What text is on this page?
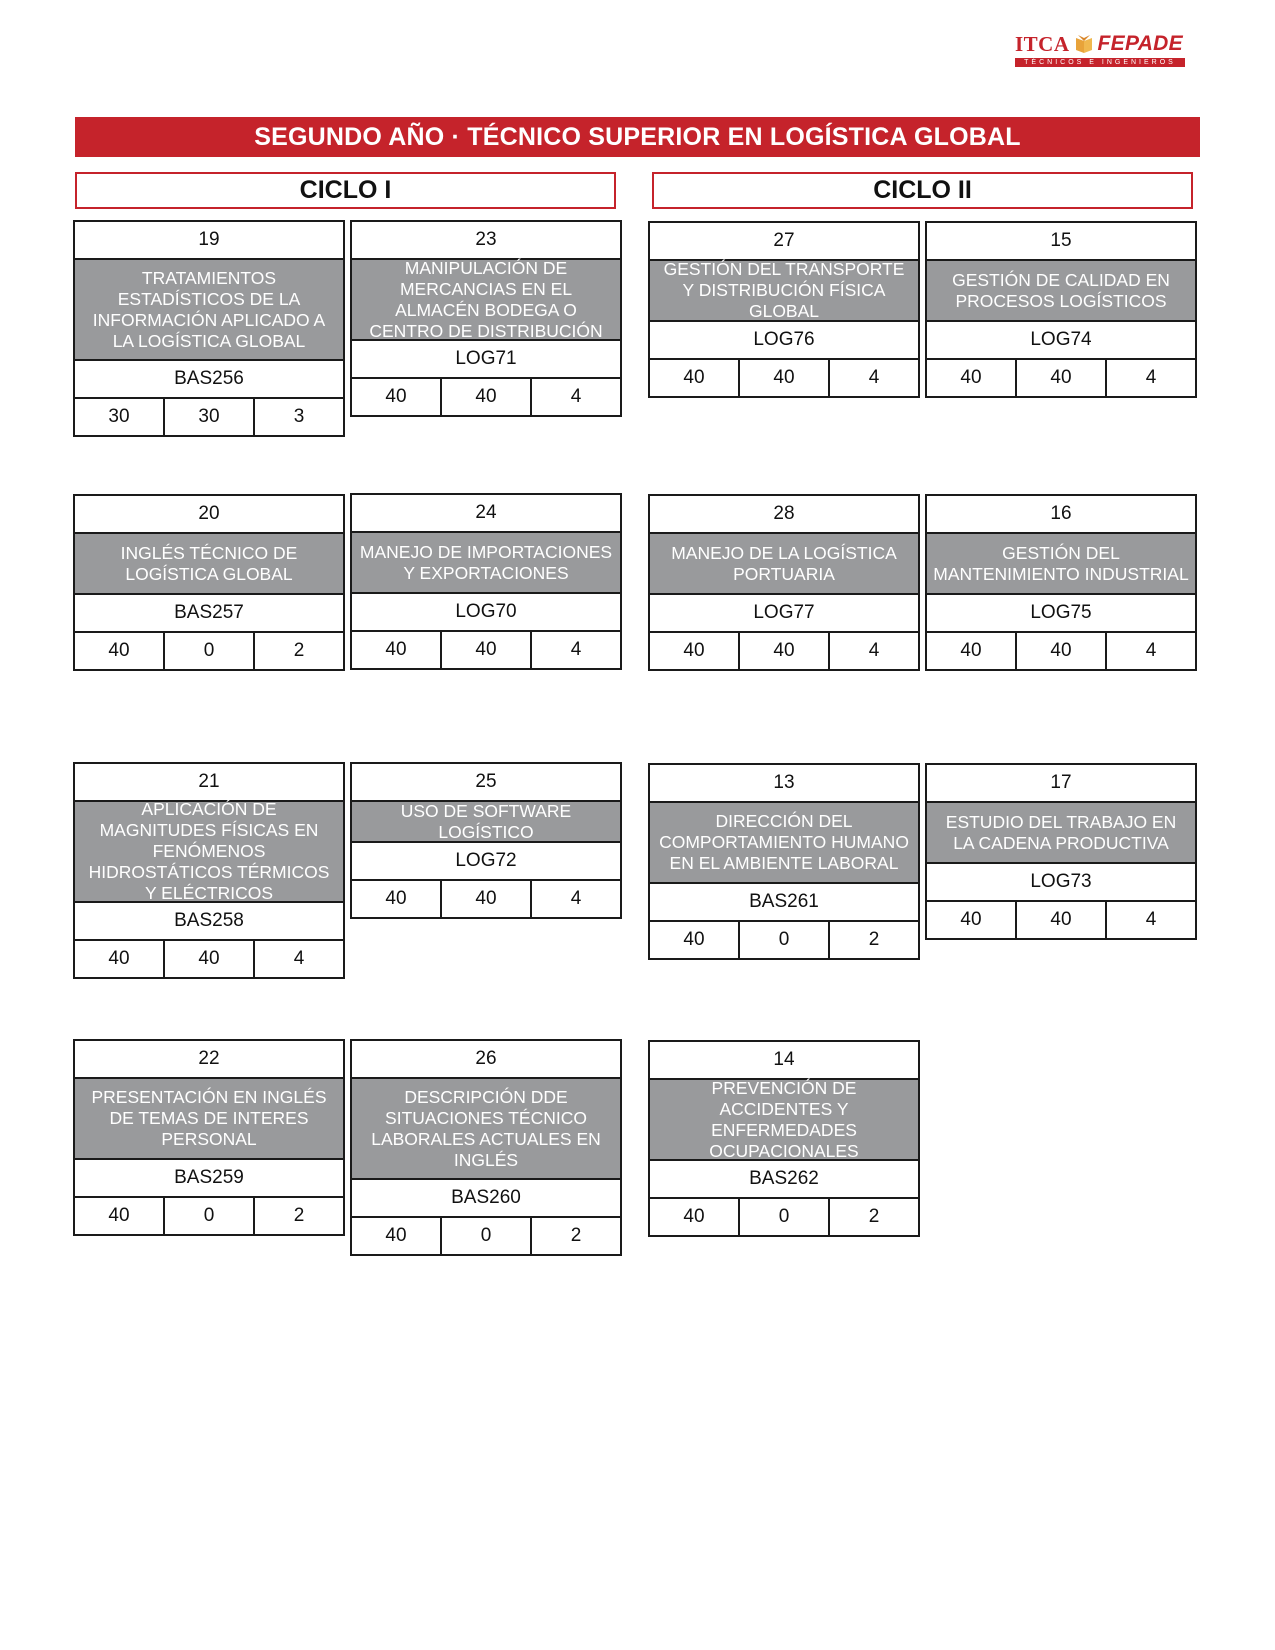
ITCA FEPADE
TÉCNICOS E INGENIEROS
SEGUNDO AÑO · TÉCNICO SUPERIOR EN LOGÍSTICA GLOBAL
CICLO I	CICLO II
19
TRATAMIENTOS ESTADÍSTICOS DE LA INFORMACIÓN APLICADO A LA LOGÍSTICA GLOBAL
BAS256
30	30	3
23
MANIPULACIÓN DE MERCANCIAS EN EL ALMACÉN BODEGA O CENTRO DE DISTRIBUCIÓN
LOG71
40	40	4
27
GESTIÓN DEL TRANSPORTE Y DISTRIBUCIÓN FÍSICA GLOBAL
LOG76
40	40	4
15
GESTIÓN DE CALIDAD EN PROCESOS LOGÍSTICOS
LOG74
40	40	4
20
INGLÉS TÉCNICO DE LOGÍSTICA GLOBAL
BAS257
40	0	2
24
MANEJO DE IMPORTACIONES Y EXPORTACIONES
LOG70
40	40	4
28
MANEJO DE LA LOGÍSTICA PORTUARIA
LOG77
40	40	4
16
GESTIÓN DEL MANTENIMIENTO INDUSTRIAL
LOG75
40	40	4
21
APLICACIÓN DE MAGNITUDES FÍSICAS EN FENÓMENOS HIDROSTÁTICOS TÉRMICOS Y ELÉCTRICOS
BAS258
40	40	4
25
USO DE SOFTWARE LOGÍSTICO
LOG72
40	40	4
13
DIRECCIÓN DEL COMPORTAMIENTO HUMANO EN EL AMBIENTE LABORAL
BAS261
40	0	2
17
ESTUDIO DEL TRABAJO EN LA CADENA PRODUCTIVA
LOG73
40	40	4
22
PRESENTACIÓN EN INGLÉS DE TEMAS DE INTERES PERSONAL
BAS259
40	0	2
26
DESCRIPCIÓN DDE SITUACIONES TÉCNICO LABORALES ACTUALES EN INGLÉS
BAS260
40	0	2
14
PREVENCIÓN DE ACCIDENTES Y ENFERMEDADES OCUPACIONALES
BAS262
40	0	2
